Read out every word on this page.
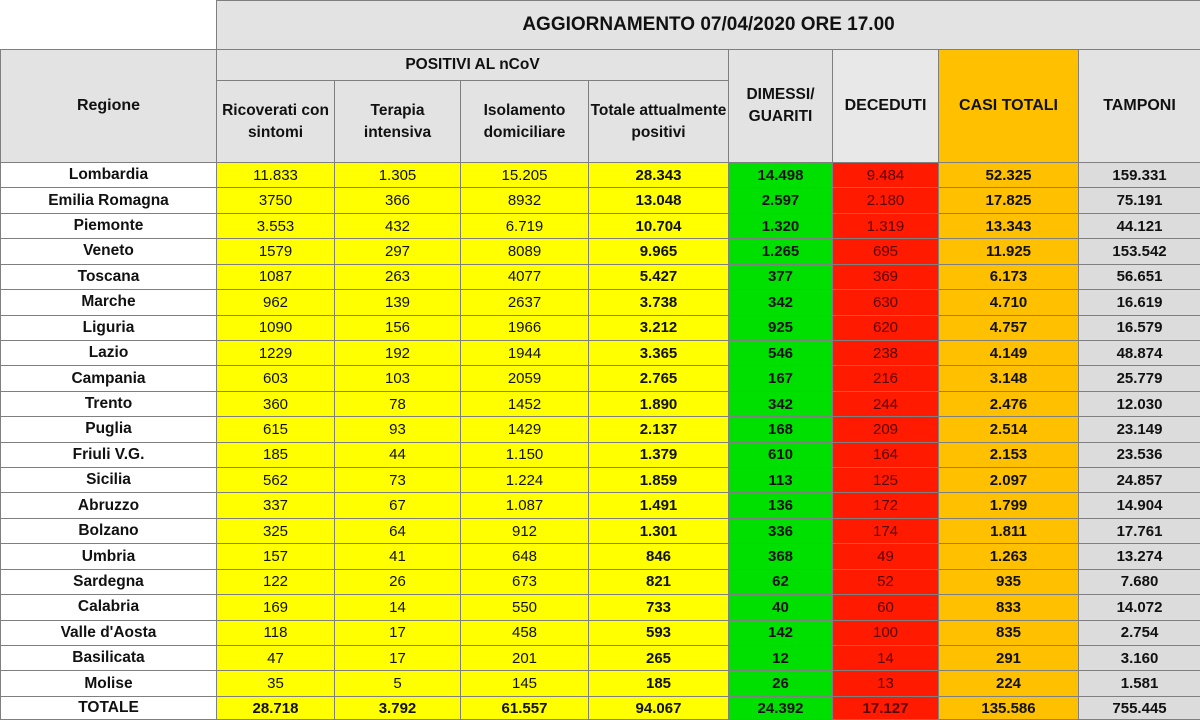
	AGGIORNAMENTO 07/04/2020 ORE 17.00							
Regione	POSITIVI AL nCoV				DIMESSI/ GUARITI	DECEDUTI	CASI TOTALI	TAMPONI
	Ricoverati con sintomi	Terapia intensiva	Isolamento domiciliare	Totale attualmente positivi				
Lombardia	11.833	1.305	15.205	28.343	14.498	9.484	52.325	159.331
Emilia Romagna	3750	366	8932	13.048	2.597	2.180	17.825	75.191
Piemonte	3.553	432	6.719	10.704	1.320	1.319	13.343	44.121
Veneto	1579	297	8089	9.965	1.265	695	11.925	153.542
Toscana	1087	263	4077	5.427	377	369	6.173	56.651
Marche	962	139	2637	3.738	342	630	4.710	16.619
Liguria	1090	156	1966	3.212	925	620	4.757	16.579
Lazio	1229	192	1944	3.365	546	238	4.149	48.874
Campania	603	103	2059	2.765	167	216	3.148	25.779
Trento	360	78	1452	1.890	342	244	2.476	12.030
Puglia	615	93	1429	2.137	168	209	2.514	23.149
Friuli V.G.	185	44	1.150	1.379	610	164	2.153	23.536
Sicilia	562	73	1.224	1.859	113	125	2.097	24.857
Abruzzo	337	67	1.087	1.491	136	172	1.799	14.904
Bolzano	325	64	912	1.301	336	174	1.811	17.761
Umbria	157	41	648	846	368	49	1.263	13.274
Sardegna	122	26	673	821	62	52	935	7.680
Calabria	169	14	550	733	40	60	833	14.072
Valle d'Aosta	118	17	458	593	142	100	835	2.754
Basilicata	47	17	201	265	12	14	291	3.160
Molise	35	5	145	185	26	13	224	1.581
TOTALE	28.718	3.792	61.557	94.067	24.392	17.127	135.586	755.445
